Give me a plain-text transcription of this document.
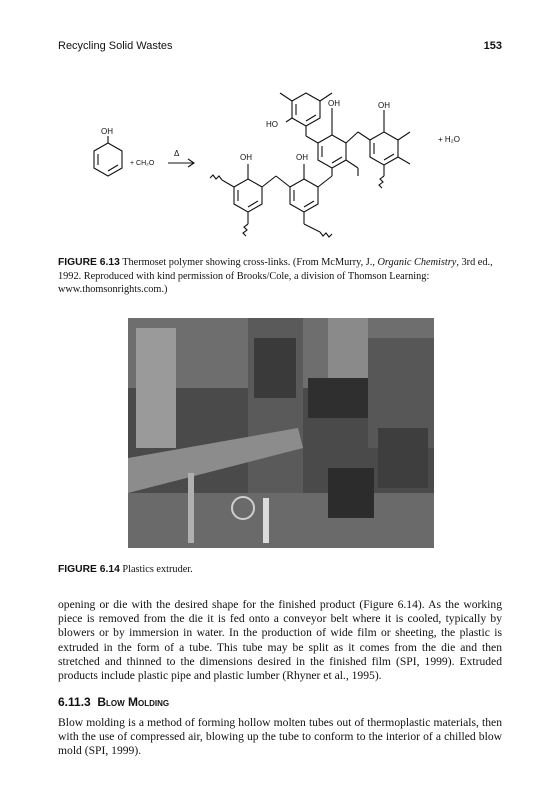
Recycling Solid Wastes	153
OH
+ CH₂O
Δ	OH	OH
OH
HO
OH
+ H₂O
FIGURE 6.13 Thermoset polymer showing cross-links. (From McMurry, J., Organic Chemistry, 3rd ed., 1992. Reproduced with kind permission of Brooks/Cole, a division of Thomson Learning: www.thomsonrights.com.)
FIGURE 6.14 Plastics extruder.
opening or die with the desired shape for the finished product (Figure 6.14). As the working piece is removed from the die it is fed onto a conveyor belt where it is cooled, typically by blowers or by immersion in water. In the production of wide film or sheeting, the plastic is extruded in the form of a tube. This tube may be split as it comes from the die and then stretched and thinned to the dimensions desired in the finished film (SPI, 1999). Extruded products include plastic pipe and plastic lumber (Rhyner et al., 1995).
6.11.3 Blow Molding
Blow molding is a method of forming hollow molten tubes out of thermoplastic materials, then with the use of compressed air, blowing up the tube to conform to the interior of a chilled blow mold (SPI, 1999).
